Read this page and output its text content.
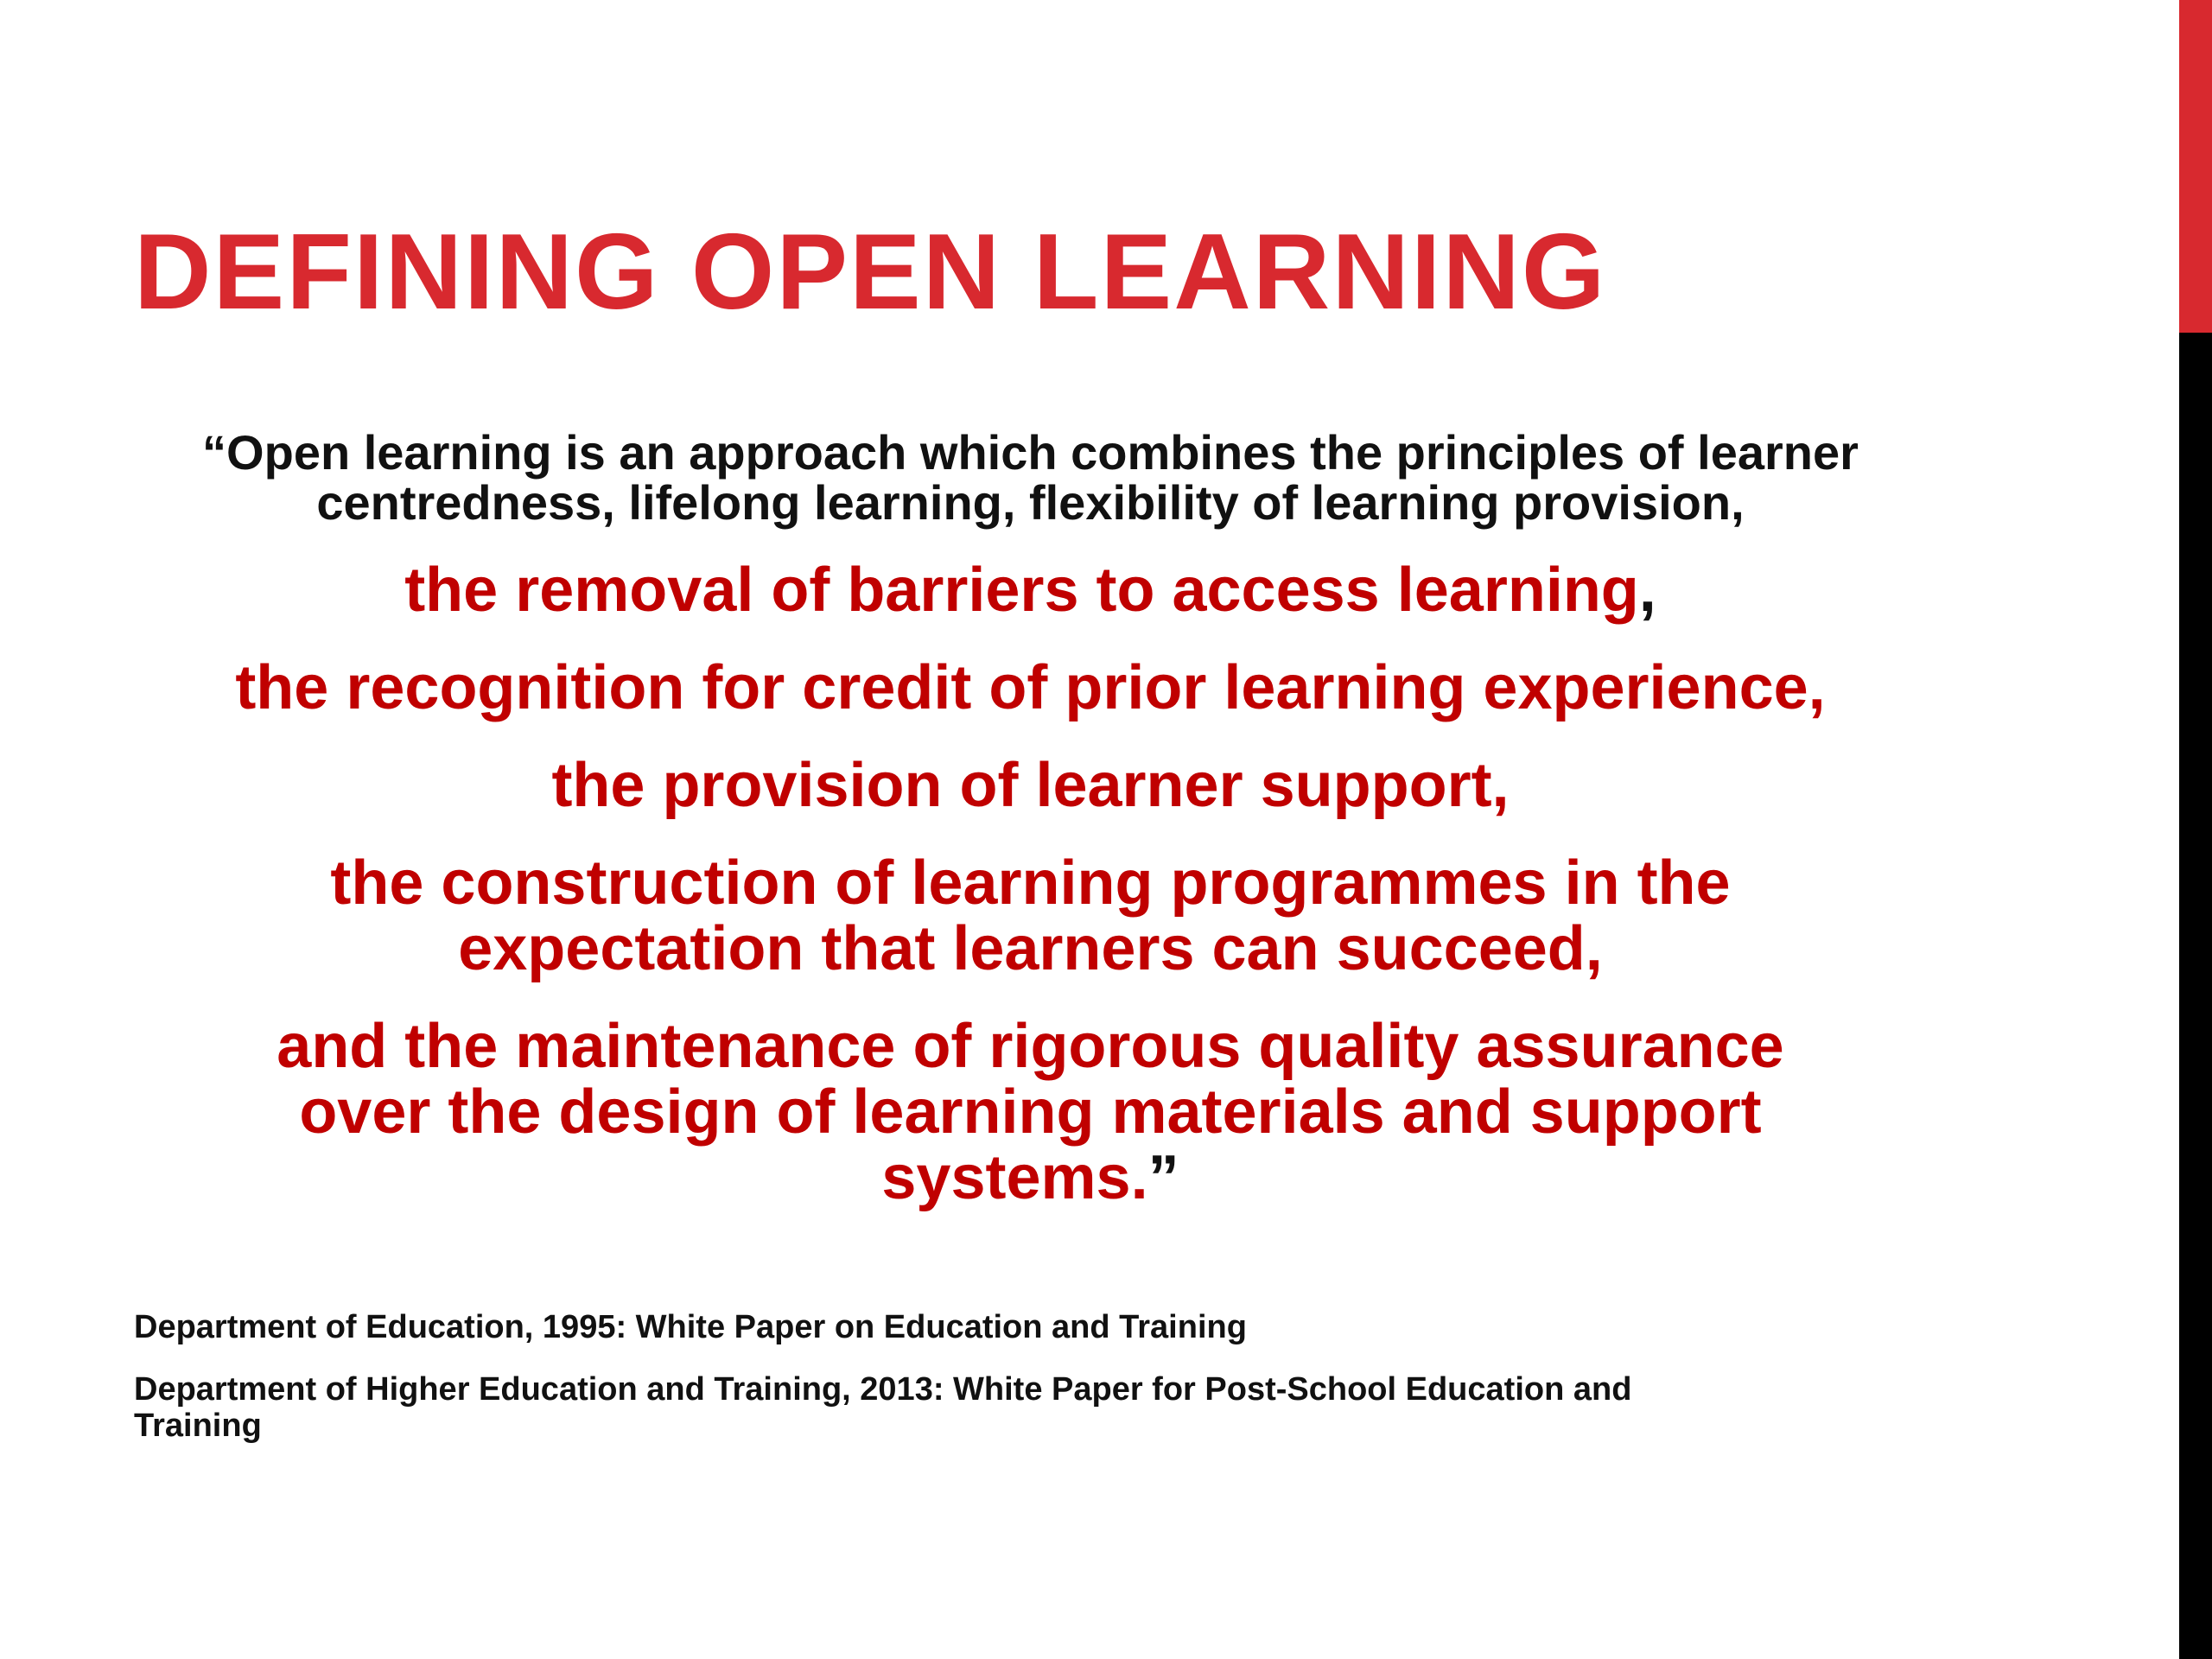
DEFINING OPEN LEARNING

“Open learning is an approach which combines the principles of learner
centredness, lifelong learning, flexibility of learning provision,

the removal of barriers to access learning,

the recognition for credit of prior learning experience,

the provision of learner support,

the construction of learning programmes in the
expectation that learners can succeed,

and the maintenance of rigorous quality assurance
over the design of learning materials and support
systems.”

Department of Education, 1995: White Paper on Education and Training

Department of Higher Education and Training, 2013: White Paper for Post-School Education and
Training
